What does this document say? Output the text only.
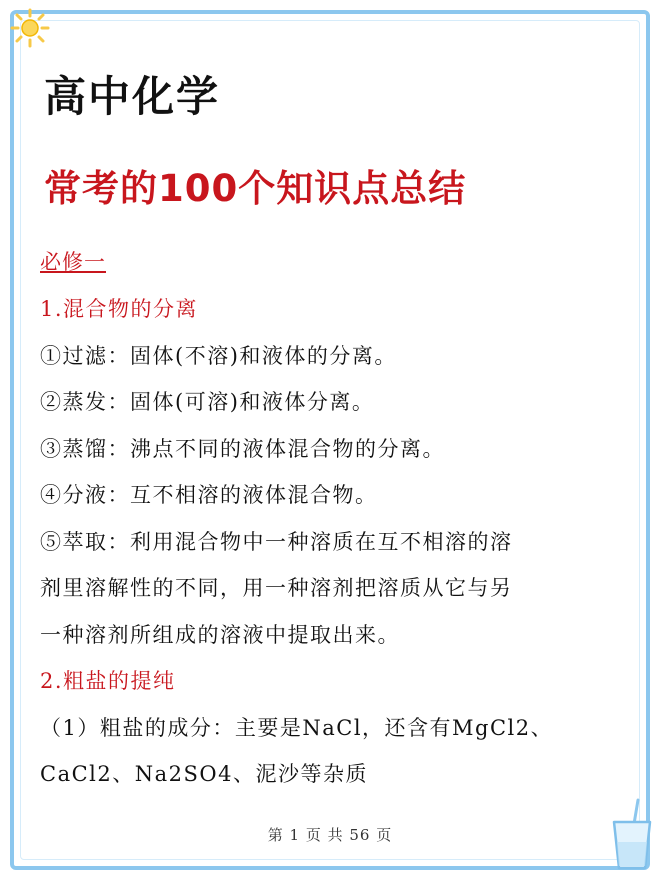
高中化学
常考的100个知识点总结
必修一
1.混合物的分离
①过滤：固体(不溶)和液体的分离。
②蒸发：固体(可溶)和液体分离。
③蒸馏：沸点不同的液体混合物的分离。
④分液：互不相溶的液体混合物。
⑤萃取：利用混合物中一种溶质在互不相溶的溶
剂里溶解性的不同，用一种溶剂把溶质从它与另
一种溶剂所组成的溶液中提取出来。
2.粗盐的提纯
（1）粗盐的成分：主要是NaCl，还含有MgCl2、
CaCl2、Na2SO4、泥沙等杂质
第 1 页 共 56 页
